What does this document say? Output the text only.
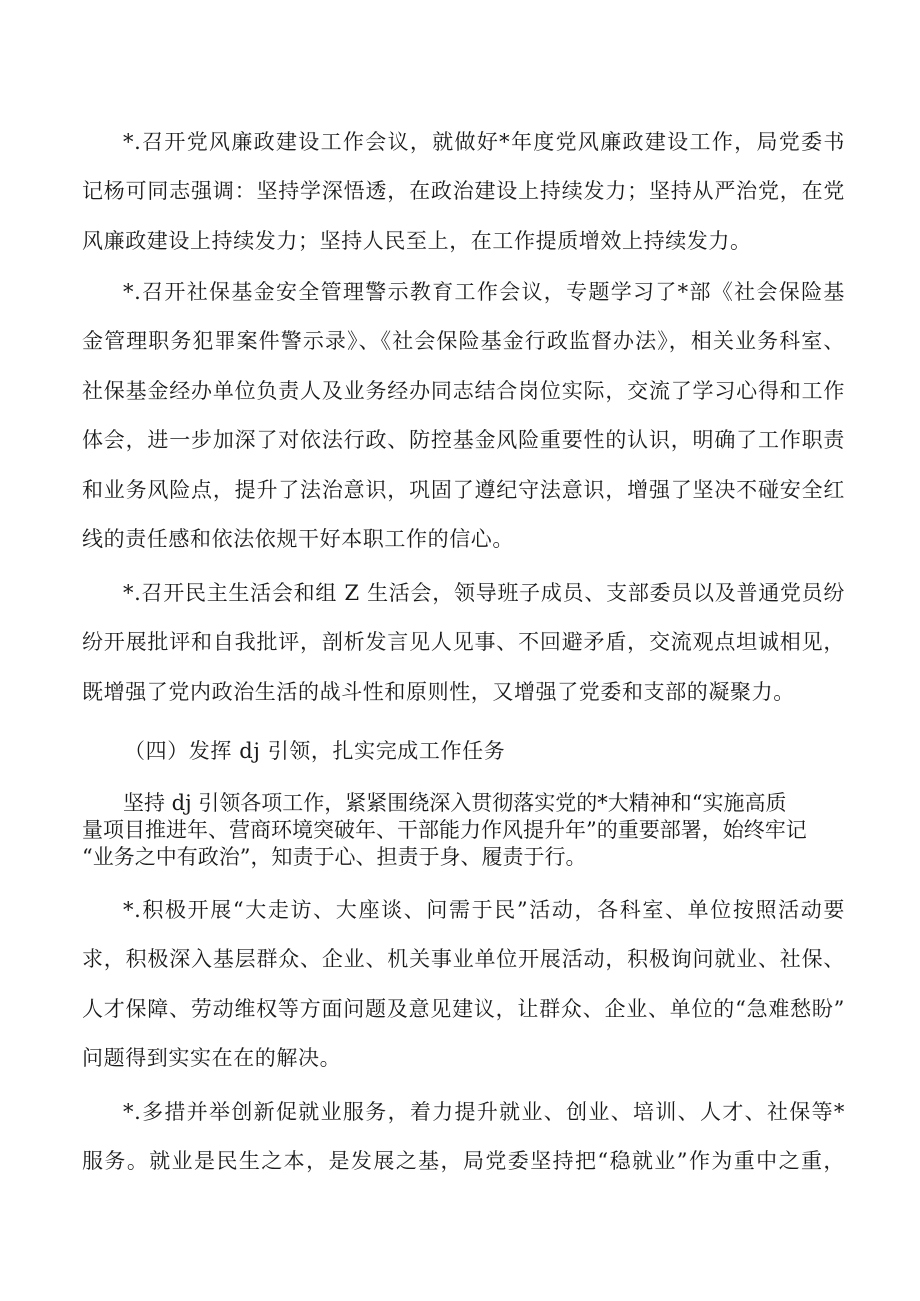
*.召开党风廉政建设工作会议，就做好*年度党风廉政建设工作，局党委书
记杨可同志强调：坚持学深悟透，在政治建设上持续发力；坚持从严治党，在党
风廉政建设上持续发力；坚持人民至上，在工作提质增效上持续发力。
*.召开社保基金安全管理警示教育工作会议，专题学习了*部《社会保险基
金管理职务犯罪案件警示录》、《社会保险基金行政监督办法》，相关业务科室、
社保基金经办单位负责人及业务经办同志结合岗位实际，交流了学习心得和工作
体会，进一步加深了对依法行政、防控基金风险重要性的认识，明确了工作职责
和业务风险点，提升了法治意识，巩固了遵纪守法意识，增强了坚决不碰安全红
线的责任感和依法依规干好本职工作的信心。
*.召开民主生活会和组 Z 生活会，领导班子成员、支部委员以及普通党员纷
纷开展批评和自我批评，剖析发言见人见事、不回避矛盾，交流观点坦诚相见，
既增强了党内政治生活的战斗性和原则性，又增强了党委和支部的凝聚力。
（四）发挥 dj 引领，扎实完成工作任务
坚持 dj 引领各项工作，紧紧围绕深入贯彻落实党的*大精神和“实施高质
量项目推进年、营商环境突破年、干部能力作风提升年”的重要部署，始终牢记
“业务之中有政治”，知责于心、担责于身、履责于行。
*.积极开展“大走访、大座谈、问需于民”活动，各科室、单位按照活动要
求，积极深入基层群众、企业、机关事业单位开展活动，积极询问就业、社保、
人才保障、劳动维权等方面问题及意见建议，让群众、企业、单位的“急难愁盼”
问题得到实实在在的解决。
*.多措并举创新促就业服务，着力提升就业、创业、培训、人才、社保等*
服务。就业是民生之本，是发展之基，局党委坚持把“稳就业”作为重中之重，
